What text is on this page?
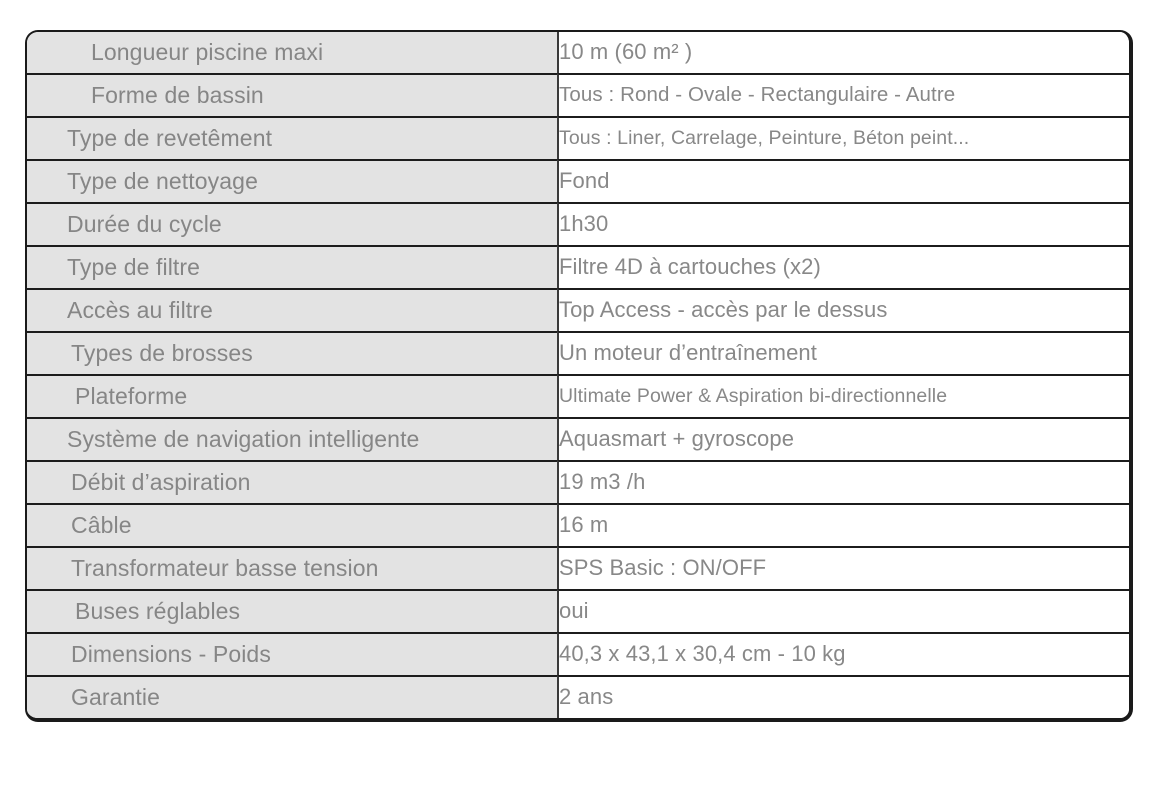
Longueur piscine maxi	10 m (60 m² )

Forme de bassin	Tous : Rond - Ovale - Rectangulaire - Autre

Type de revetêment	Tous : Liner, Carrelage, Peinture, Béton peint...

Type de nettoyage	Fond

Durée du cycle	1h30

Type de filtre	Filtre 4D à cartouches (x2)

Accès au filtre	Top Access - accès par le dessus

Types de brosses	Un moteur d’entraînement

Plateforme	Ultimate Power & Aspiration bi-directionnelle

Système de navigation intelligente	Aquasmart + gyroscope

Débit d’aspiration	19 m3 /h

Câble	16 m

Transformateur basse tension	SPS Basic : ON/OFF

Buses réglables	oui

Dimensions - Poids	40,3 x 43,1 x 30,4 cm - 10 kg

Garantie	2 ans
